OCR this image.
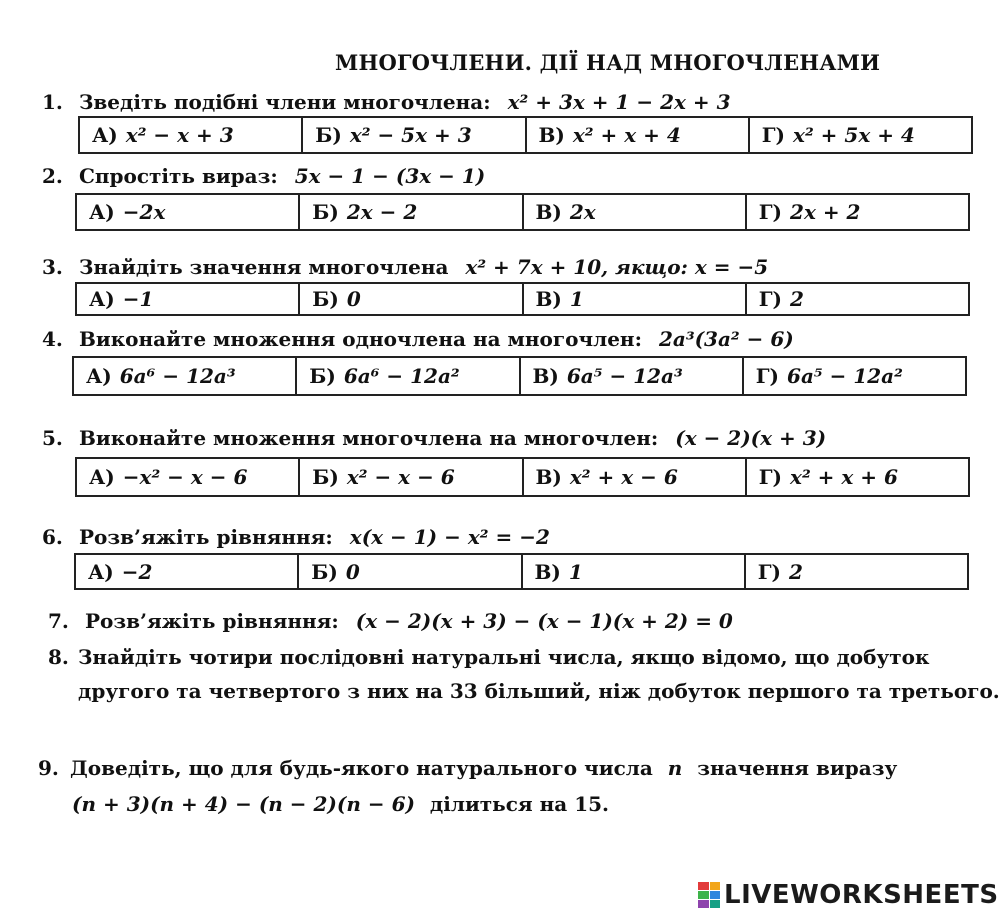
МНОГОЧЛЕНИ. ДІЇ НАД МНОГОЧЛЕНАМИ
1. Зведіть подібні члени многочлена: x² + 3x + 1 − 2x + 3
А) x² − x + 3	Б) x² − 5x + 3	В) x² + x + 4	Г) x² + 5x + 4
2. Спростіть вираз: 5x − 1 − (3x − 1)
А) −2x	Б) 2x − 2	В) 2x	Г) 2x + 2
3. Знайдіть значення многочлена x² + 7x + 10, якщо: x = −5
А) −1	Б) 0	В) 1	Г) 2
4. Виконайте множення одночлена на многочлен: 2a³(3a² − 6)
А) 6a⁶ − 12a³	Б) 6a⁶ − 12a²	В) 6a⁵ − 12a³	Г) 6a⁵ − 12a²
5. Виконайте множення многочлена на многочлен: (x − 2)(x + 3)
А) −x² − x − 6	Б) x² − x − 6	В) x² + x − 6	Г) x² + x + 6
6. Розв’яжіть рівняння: x(x − 1) − x² = −2
А) −2	Б) 0	В) 1	Г) 2
7. Розв’яжіть рівняння: (x − 2)(x + 3) − (x − 1)(x + 2) = 0
8. Знайдіть чотири послідовні натуральні числа, якщо відомо, що добуток
другого та четвертого з них на 33 більший, ніж добуток першого та третього.
9. Доведіть, що для будь-якого натурального числа n значення виразу
(n + 3)(n + 4) − (n − 2)(n − 6) ділиться на 15.
LIVEWORKSHEETS
